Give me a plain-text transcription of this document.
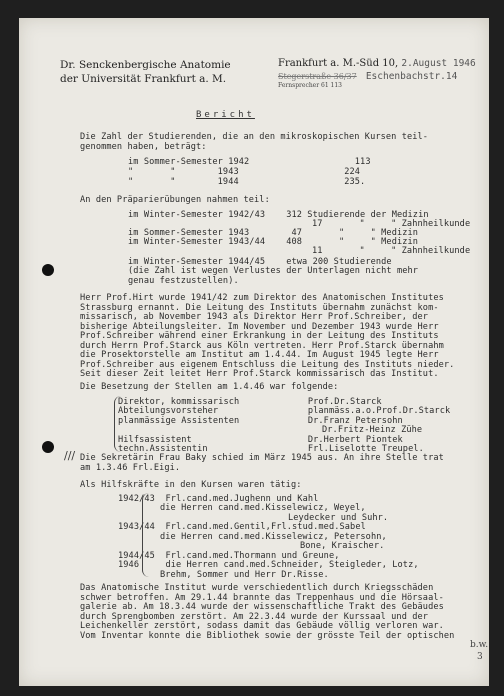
Dr. Senckenbergische Anatomie
der Universität Frankfurt a. M.
Frankfurt a. M.-Süd 10, 2.August 1946
Stegerstraße 36/37 Eschenbachstr.14
Fernsprecher 61 113
Bericht
Die Zahl der Studierenden, die an den mikroskopischen Kursen teil-
genommen haben, beträgt:
im Sommer-Semester 1942                    113
"       "        1943                    224
"       "        1944                    235.
An den Präparierübungen nahmen teil:
im Winter-Semester 1942/43    312 Studierende der Medizin
17       "     " Zahnheilkunde
im Sommer-Semester 1943        47       "     " Medizin
im Winter-Semester 1943/44    408       "     " Medizin
11       "     " Zahnheilkunde
im Winter-Semester 1944/45    etwa 200 Studierende
(die Zahl ist wegen Verlustes der Unterlagen nicht mehr
genau festzustellen).
Herr Prof.Hirt wurde 1941/42 zum Direktor des Anatomischen Institutes
Strassburg ernannt. Die Leitung des Instituts übernahm zunächst kom-
missarisch, ab November 1943 als Direktor Herr Prof.Schreiber, der
bisherige Abteilungsleiter. Im November und Dezember 1943 wurde Herr
Prof.Schreiber während einer Erkrankung in der Leitung des Instituts
durch Herrn Prof.Starck aus Köln vertreten. Herr Prof.Starck übernahm
die Prosektorstelle am Institut am 1.4.44. Im August 1945 legte Herr
Prof.Schreiber aus eigenem Entschluss die Leitung des Instituts nieder.
Seit dieser Zeit leitet Herr Prof.Starck kommissarisch das Institut.
Die Besetzung der Stellen am 1.4.46 war folgende:
Direktor, kommissarisch             Prof.Dr.Starck
Abteilungsvorsteher                 planmäss.a.o.Prof.Dr.Starck
planmässige Assistenten             Dr.Franz Petersohn
Dr.Fritz-Heinz Zühe
Hilfsassistent                      Dr.Herbert Piontek
techn.Assistentin                   Frl.Liselotte Treupel.
Die Sekretärin Frau Baky schied im März 1945 aus. An ihre Stelle trat
am 1.3.46 Frl.Eigi.
Als Hilfskräfte in den Kursen waren tätig:
1942/43  Frl.cand.med.Jughenn und Kahl
die Herren cand.med.Kisselewicz, Weyel,
Leydecker und Suhr.
1943/44  Frl.cand.med.Gentil,Frl.stud.med.Sabel
die Herren cand.med.Kisselewicz, Petersohn,
Bone, Kraischer.
1944/45  Frl.cand.med.Thormann und Greune,
1946     die Herren cand.med.Schneider, Steigleder, Lotz,
Brehm, Sommer und Herr Dr.Risse.
Das Anatomische Institut wurde verschiedentlich durch Kriegsschäden
schwer betroffen. Am 29.1.44 brannte das Treppenhaus und die Hörsaal-
galerie ab. Am 18.3.44 wurde der wissenschaftliche Trakt des Gebäudes
durch Sprengbomben zerstört. Am 22.3.44 wurde der Kurssaal und der
Leichenkeller zerstört, sodass damit das Gebäude völlig verloren war.
Vom Inventar konnte die Bibliothek sowie der grösste Teil der optischen
///
b.w.
3
